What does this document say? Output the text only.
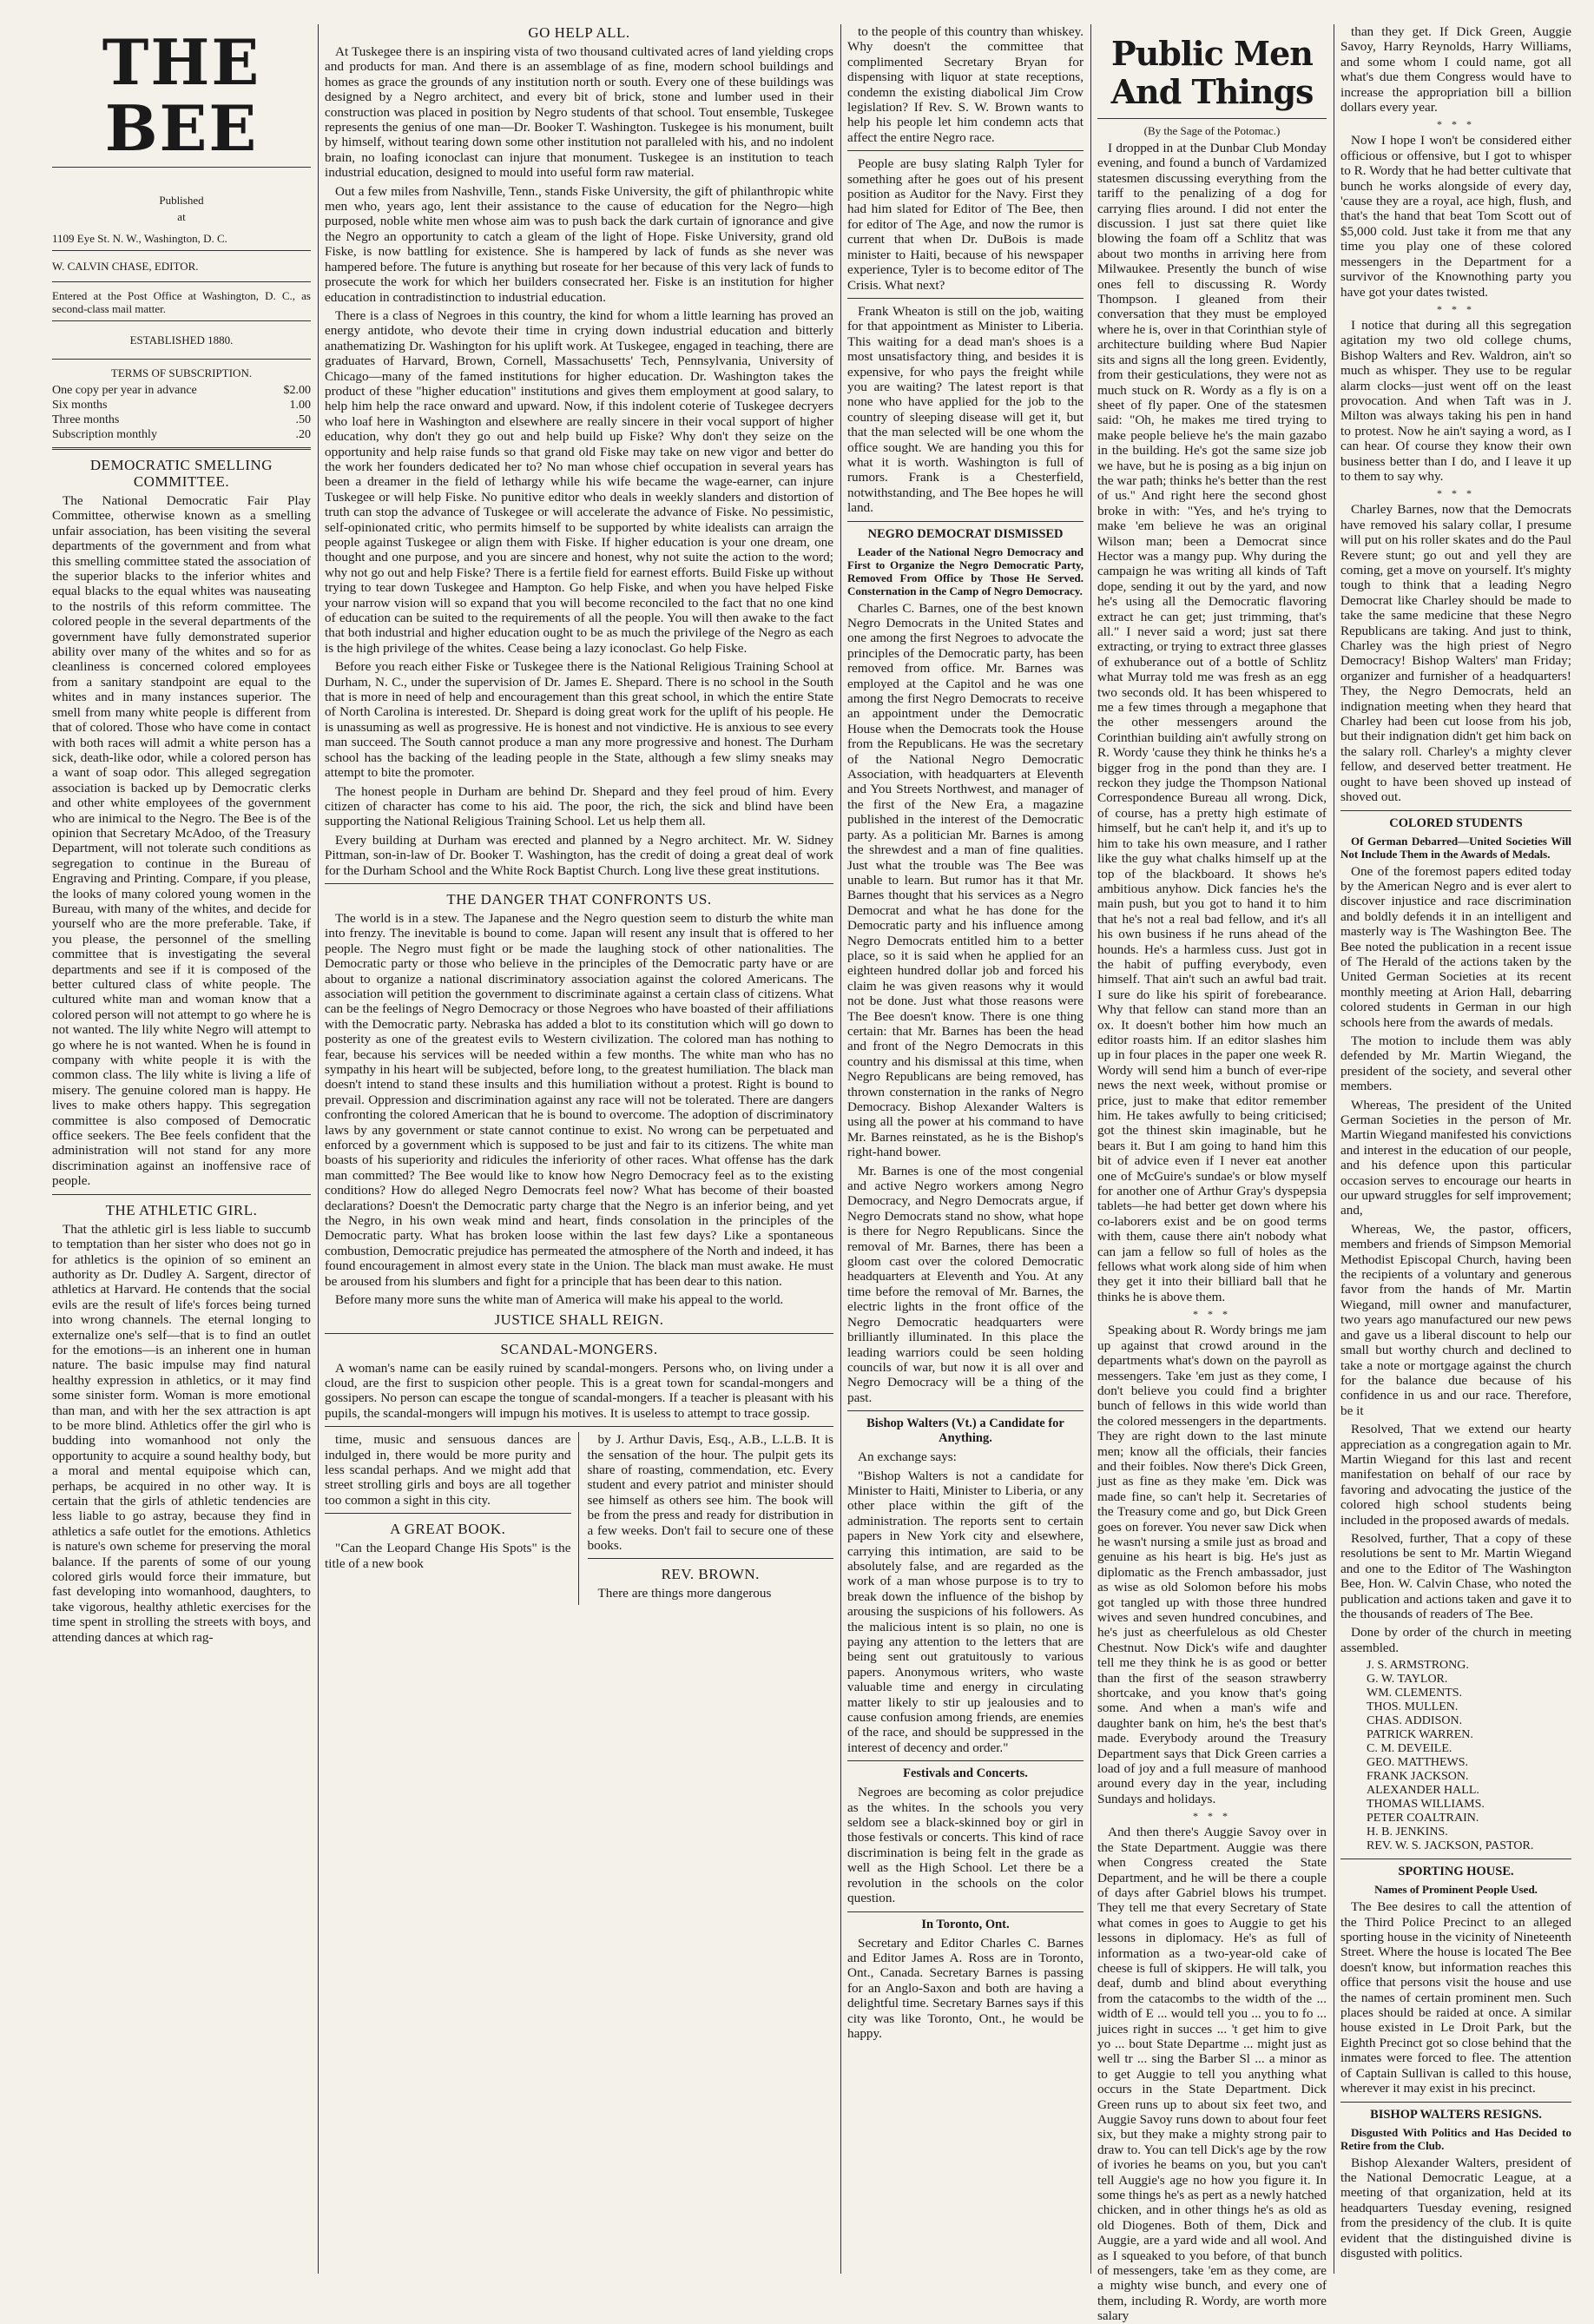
THE BEE

Published

at

1109 Eye St. N. W., Washington, D. C.

W. CALVIN CHASE, EDITOR.

Entered at the Post Office at Washington, D. C., as second-class mail matter.

ESTABLISHED 1880.

TERMS OF SUBSCRIPTION.

One copy per year in advance	$2.00
Six months	1.00
Three months	.50
Subscription monthly	.20
DEMOCRATIC SMELLING COMMITTEE.

The National Democratic Fair Play Committee, otherwise known as a smelling unfair association, has been visiting the several departments of the government and from what this smelling committee stated the association of the superior blacks to the inferior whites and equal blacks to the equal whites was nauseating to the nostrils of this reform committee. The colored people in the several departments of the government have fully demonstrated superior ability over many of the whites and so for as cleanliness is concerned colored employees from a sanitary standpoint are equal to the whites and in many instances superior. The smell from many white people is different from that of colored. Those who have come in contact with both races will admit a white person has a sick, death-like odor, while a colored person has a want of soap odor. This alleged segregation association is backed up by Democratic clerks and other white employees of the government who are inimical to the Negro. The Bee is of the opinion that Secretary McAdoo, of the Treasury Department, will not tolerate such conditions as segregation to continue in the Bureau of Engraving and Printing. Compare, if you please, the looks of many colored young women in the Bureau, with many of the whites, and decide for yourself who are the more preferable. Take, if you please, the personnel of the smelling committee that is investigating the several departments and see if it is composed of the better cultured class of white people. The cultured white man and woman know that a colored person will not attempt to go where he is not wanted. The lily white Negro will attempt to go where he is not wanted. When he is found in company with white people it is with the common class. The lily white is living a life of misery. The genuine colored man is happy. He lives to make others happy. This segregation committee is also composed of Democratic office seekers. The Bee feels confident that the administration will not stand for any more discrimination against an inoffensive race of people.

THE ATHLETIC GIRL.

That the athletic girl is less liable to succumb to temptation than her sister who does not go in for athletics is the opinion of so eminent an authority as Dr. Dudley A. Sargent, director of athletics at Harvard. He contends that the social evils are the result of life's forces being turned into wrong channels. The eternal longing to externalize one's self—that is to find an outlet for the emotions—is an inherent one in human nature. The basic impulse may find natural healthy expression in athletics, or it may find some sinister form. Woman is more emotional than man, and with her the sex attraction is apt to be more blind. Athletics offer the girl who is budding into womanhood not only the opportunity to acquire a sound healthy body, but a moral and mental equipoise which can, perhaps, be acquired in no other way. It is certain that the girls of athletic tendencies are less liable to go astray, because they find in athletics a safe outlet for the emotions. Athletics is nature's own scheme for preserving the moral balance. If the parents of some of our young colored girls would force their immature, but fast developing into womanhood, daughters, to take vigorous, healthy athletic exercises for the time spent in strolling the streets with boys, and attending dances at which rag-

GO HELP ALL.

At Tuskegee there is an inspiring vista of two thousand cultivated acres of land yielding crops and products for man. And there is an assemblage of as fine, modern school buildings and homes as grace the grounds of any institution north or south. Every one of these buildings was designed by a Negro architect, and every bit of brick, stone and lumber used in their construction was placed in position by Negro students of that school. Tout ensemble, Tuskegee represents the genius of one man—Dr. Booker T. Washington. Tuskegee is his monument, built by himself, without tearing down some other institution not paralleled with his, and no indolent brain, no loafing iconoclast can injure that monument. Tuskegee is an institution to teach industrial education, designed to mould into useful form raw material.

Out a few miles from Nashville, Tenn., stands Fiske University, the gift of philanthropic white men who, years ago, lent their assistance to the cause of education for the Negro—high purposed, noble white men whose aim was to push back the dark curtain of ignorance and give the Negro an opportunity to catch a gleam of the light of Hope. Fiske University, grand old Fiske, is now battling for existence. She is hampered by lack of funds as she never was hampered before. The future is anything but roseate for her because of this very lack of funds to prosecute the work for which her builders consecrated her. Fiske is an institution for higher education in contradistinction to industrial education.

There is a class of Negroes in this country, the kind for whom a little learning has proved an energy antidote, who devote their time in crying down industrial education and bitterly anathematizing Dr. Washington for his uplift work. At Tuskegee, engaged in teaching, there are graduates of Harvard, Brown, Cornell, Massachusetts' Tech, Pennsylvania, University of Chicago—many of the famed institutions for higher education. Dr. Washington takes the product of these "higher education" institutions and gives them employment at good salary, to help him help the race onward and upward. Now, if this indolent coterie of Tuskegee decryers who loaf here in Washington and elsewhere are really sincere in their vocal support of higher education, why don't they go out and help build up Fiske? Why don't they seize on the opportunity and help raise funds so that grand old Fiske may take on new vigor and better do the work her founders dedicated her to? No man whose chief occupation in several years has been a dreamer in the field of lethargy while his wife became the wage-earner, can injure Tuskegee or will help Fiske. No punitive editor who deals in weekly slanders and distortion of truth can stop the advance of Tuskegee or will accelerate the advance of Fiske. No pessimistic, self-opinionated critic, who permits himself to be supported by white idealists can arraign the people against Tuskegee or align them with Fiske. If higher education is your one dream, one thought and one purpose, and you are sincere and honest, why not suite the action to the word; why not go out and help Fiske? There is a fertile field for earnest efforts. Build Fiske up without trying to tear down Tuskegee and Hampton. Go help Fiske, and when you have helped Fiske your narrow vision will so expand that you will become reconciled to the fact that no one kind of education can be suited to the requirements of all the people. You will then awake to the fact that both industrial and higher education ought to be as much the privilege of the Negro as each is the high privilege of the whites. Cease being a lazy iconoclast. Go help Fiske.

Before you reach either Fiske or Tuskegee there is the National Religious Training School at Durham, N. C., under the supervision of Dr. James E. Shepard. There is no school in the South that is more in need of help and encouragement than this great school, in which the entire State of North Carolina is interested. Dr. Shepard is doing great work for the uplift of his people. He is unassuming as well as progressive. He is honest and not vindictive. He is anxious to see every man succeed. The South cannot produce a man any more progressive and honest. The Durham school has the backing of the leading people in the State, although a few slimy sneaks may attempt to bite the promoter.

The honest people in Durham are behind Dr. Shepard and they feel proud of him. Every citizen of character has come to his aid. The poor, the rich, the sick and blind have been supporting the National Religious Training School. Let us help them all.

Every building at Durham was erected and planned by a Negro architect. Mr. W. Sidney Pittman, son-in-law of Dr. Booker T. Washington, has the credit of doing a great deal of work for the Durham School and the White Rock Baptist Church. Long live these great institutions.

THE DANGER THAT CONFRONTS US.

The world is in a stew. The Japanese and the Negro question seem to disturb the white man into frenzy. The inevitable is bound to come. Japan will resent any insult that is offered to her people. The Negro must fight or be made the laughing stock of other nationalities. The Democratic party or those who believe in the principles of the Democratic party have or are about to organize a national discriminatory association against the colored Americans. The association will petition the government to discriminate against a certain class of citizens. What can be the feelings of Negro Democracy or those Negroes who have boasted of their affiliations with the Democratic party. Nebraska has added a blot to its constitution which will go down to posterity as one of the greatest evils to Western civilization. The colored man has nothing to fear, because his services will be needed within a few months. The white man who has no sympathy in his heart will be subjected, before long, to the greatest humiliation. The black man doesn't intend to stand these insults and this humiliation without a protest. Right is bound to prevail. Oppression and discrimination against any race will not be tolerated. There are dangers confronting the colored American that he is bound to overcome. The adoption of discriminatory laws by any government or state cannot continue to exist. No wrong can be perpetuated and enforced by a government which is supposed to be just and fair to its citizens. The white man boasts of his superiority and ridicules the inferiority of other races. What offense has the dark man committed? The Bee would like to know how Negro Democracy feel as to the existing conditions? How do alleged Negro Democrats feel now? What has become of their boasted declarations? Doesn't the Democratic party charge that the Negro is an inferior being, and yet the Negro, in his own weak mind and heart, finds consolation in the principles of the Democratic party. What has broken loose within the last few days? Like a spontaneous combustion, Democratic prejudice has permeated the atmosphere of the North and indeed, it has found encouragement in almost every state in the Union. The black man must awake. He must be aroused from his slumbers and fight for a principle that has been dear to this nation.

Before many more suns the white man of America will make his appeal to the world.

JUSTICE SHALL REIGN.
SCANDAL-MONGERS.

A woman's name can be easily ruined by scandal-mongers. Persons who, on living under a cloud, are the first to suspicion other people. This is a great town for scandal-mongers and gossipers. No person can escape the tongue of scandal-mongers. If a teacher is pleasant with his pupils, the scandal-mongers will impugn his motives. It is useless to attempt to trace gossip.

time, music and sensuous dances are indulged in, there would be more purity and less scandal perhaps. And we might add that street strolling girls and boys are all together too common a sight in this city.

A GREAT BOOK.

"Can the Leopard Change His Spots" is the title of a new book

by J. Arthur Davis, Esq., A.B., L.L.B. It is the sensation of the hour. The pulpit gets its share of roasting, commendation, etc. Every student and every patriot and minister should see himself as others see him. The book will be from the press and ready for distribution in a few weeks. Don't fail to secure one of these books.

REV. BROWN.

There are things more dangerous

to the people of this country than whiskey. Why doesn't the committee that complimented Secretary Bryan for dispensing with liquor at state receptions, condemn the existing diabolical Jim Crow legislation? If Rev. S. W. Brown wants to help his people let him condemn acts that affect the entire Negro race.

People are busy slating Ralph Tyler for something after he goes out of his present position as Auditor for the Navy. First they had him slated for Editor of The Bee, then for editor of The Age, and now the rumor is current that when Dr. DuBois is made minister to Haiti, because of his newspaper experience, Tyler is to become editor of The Crisis. What next?

Frank Wheaton is still on the job, waiting for that appointment as Minister to Liberia. This waiting for a dead man's shoes is a most unsatisfactory thing, and besides it is expensive, for who pays the freight while you are waiting? The latest report is that none who have applied for the job to the country of sleeping disease will get it, but that the man selected will be one whom the office sought. We are handing you this for what it is worth. Washington is full of rumors. Frank is a Chesterfield, notwithstanding, and The Bee hopes he will land.

NEGRO DEMOCRAT DISMISSED

Leader of the National Negro Democracy and First to Organize the Negro Democratic Party, Removed From Office by Those He Served. Consternation in the Camp of Negro Democracy.

Charles C. Barnes, one of the best known Negro Democrats in the United States and one among the first Negroes to advocate the principles of the Democratic party, has been removed from office. Mr. Barnes was employed at the Capitol and he was one among the first Negro Democrats to receive an appointment under the Democratic House when the Democrats took the House from the Republicans. He was the secretary of the National Negro Democratic Association, with headquarters at Eleventh and You Streets Northwest, and manager of the first of the New Era, a magazine published in the interest of the Democratic party. As a politician Mr. Barnes is among the shrewdest and a man of fine qualities. Just what the trouble was The Bee was unable to learn. But rumor has it that Mr. Barnes thought that his services as a Negro Democrat and what he has done for the Democratic party and his influence among Negro Democrats entitled him to a better place, so it is said when he applied for an eighteen hundred dollar job and forced his claim he was given reasons why it would not be done. Just what those reasons were The Bee doesn't know. There is one thing certain: that Mr. Barnes has been the head and front of the Negro Democrats in this country and his dismissal at this time, when Negro Republicans are being removed, has thrown consternation in the ranks of Negro Democracy. Bishop Alexander Walters is using all the power at his command to have Mr. Barnes reinstated, as he is the Bishop's right-hand bower.

Mr. Barnes is one of the most congenial and active Negro workers among Negro Democracy, and Negro Democrats argue, if Negro Democrats stand no show, what hope is there for Negro Republicans. Since the removal of Mr. Barnes, there has been a gloom cast over the colored Democratic headquarters at Eleventh and You. At any time before the removal of Mr. Barnes, the electric lights in the front office of the Negro Democratic headquarters were brilliantly illuminated. In this place the leading warriors could be seen holding councils of war, but now it is all over and Negro Democracy will be a thing of the past.

Bishop Walters (Vt.) a Candidate for Anything.

An exchange says:

"Bishop Walters is not a candidate for Minister to Haiti, Minister to Liberia, or any other place within the gift of the administration. The reports sent to certain papers in New York city and elsewhere, carrying this intimation, are said to be absolutely false, and are regarded as the work of a man whose purpose is to try to break down the influence of the bishop by arousing the suspicions of his followers. As the malicious intent is so plain, no one is paying any attention to the letters that are being sent out gratuitously to various papers. Anonymous writers, who waste valuable time and energy in circulating matter likely to stir up jealousies and to cause confusion among friends, are enemies of the race, and should be suppressed in the interest of decency and order."

Festivals and Concerts.

Negroes are becoming as color prejudice as the whites. In the schools you very seldom see a black-skinned boy or girl in those festivals or concerts. This kind of race discrimination is being felt in the grade as well as the High School. Let there be a revolution in the schools on the color question.

In Toronto, Ont.

Secretary and Editor Charles C. Barnes and Editor James A. Ross are in Toronto, Ont., Canada. Secretary Barnes is passing for an Anglo-Saxon and both are having a delightful time. Secretary Barnes says if this city was like Toronto, Ont., he would be happy.

Public Men And Things

(By the Sage of the Potomac.)

I dropped in at the Dunbar Club Monday evening, and found a bunch of Vardamized statesmen discussing everything from the tariff to the penalizing of a dog for carrying flies around. I did not enter the discussion. I just sat there quiet like blowing the foam off a Schlitz that was about two months in arriving here from Milwaukee. Presently the bunch of wise ones fell to discussing R. Wordy Thompson. I gleaned from their conversation that they must be employed where he is, over in that Corinthian style of architecture building where Bud Napier sits and signs all the long green. Evidently, from their gesticulations, they were not as much stuck on R. Wordy as a fly is on a sheet of fly paper. One of the statesmen said: "Oh, he makes me tired trying to make people believe he's the main gazabo in the building. He's got the same size job we have, but he is posing as a big injun on the war path; thinks he's better than the rest of us." And right here the second ghost broke in with: "Yes, and he's trying to make 'em believe he was an original Wilson man; been a Democrat since Hector was a mangy pup. Why during the campaign he was writing all kinds of Taft dope, sending it out by the yard, and now he's using all the Democratic flavoring extract he can get; just trimming, that's all." I never said a word; just sat there extracting, or trying to extract three glasses of exhuberance out of a bottle of Schlitz what Murray told me was fresh as an egg two seconds old. It has been whispered to me a few times through a megaphone that the other messengers around the Corinthian building ain't awfully strong on R. Wordy 'cause they think he thinks he's a bigger frog in the pond than they are. I reckon they judge the Thompson National Correspondence Bureau all wrong. Dick, of course, has a pretty high estimate of himself, but he can't help it, and it's up to him to take his own measure, and I rather like the guy what chalks himself up at the top of the blackboard. It shows he's ambitious anyhow. Dick fancies he's the main push, but you got to hand it to him that he's not a real bad fellow, and it's all his own business if he runs ahead of the hounds. He's a harmless cuss. Just got in the habit of puffing everybody, even himself. That ain't such an awful bad trait. I sure do like his spirit of forebearance. Why that fellow can stand more than an ox. It doesn't bother him how much an editor roasts him. If an editor slashes him up in four places in the paper one week R. Wordy will send him a bunch of ever-ripe news the next week, without promise or price, just to make that editor remember him. He takes awfully to being criticised; got the thinest skin imaginable, but he bears it. But I am going to hand him this bit of advice even if I never eat another one of McGuire's sundae's or blow myself for another one of Arthur Gray's dyspepsia tablets—he had better get down where his co-laborers exist and be on good terms with them, cause there ain't nobody what can jam a fellow so full of holes as the fellows what work along side of him when they get it into their billiard ball that he thinks he is above them.

* * *

Speaking about R. Wordy brings me jam up against that crowd around in the departments what's down on the payroll as messengers. Take 'em just as they come, I don't believe you could find a brighter bunch of fellows in this wide world than the colored messengers in the departments. They are right down to the last minute men; know all the officials, their fancies and their foibles. Now there's Dick Green, just as fine as they make 'em. Dick was made fine, so can't help it. Secretaries of the Treasury come and go, but Dick Green goes on forever. You never saw Dick when he wasn't nursing a smile just as broad and genuine as his heart is big. He's just as diplomatic as the French ambassador, just as wise as old Solomon before his mobs got tangled up with those three hundred wives and seven hundred concubines, and he's just as cheerfulelous as old Chester Chestnut. Now Dick's wife and daughter tell me they think he is as good or better than the first of the season strawberry shortcake, and you know that's going some. And when a man's wife and daughter bank on him, he's the best that's made. Everybody around the Treasury Department says that Dick Green carries a load of joy and a full measure of manhood around every day in the year, including Sundays and holidays.

* * *

And then there's Auggie Savoy over in the State Department. Auggie was there when Congress created the State Department, and he will be there a couple of days after Gabriel blows his trumpet. They tell me that every Secretary of State what comes in goes to Auggie to get his lessons in diplomacy. He's as full of information as a two-year-old cake of cheese is full of skippers. He will talk, you deaf, dumb and blind about everything from the catacombs to the width of the ... width of E ... would tell you ... you to fo ... juices right in succes ... 't get him to give yo ... bout State Departme ... might just as well tr ... sing the Barber Sl ... a minor as to get Auggie to tell you anything what occurs in the State Department. Dick Green runs up to about six feet two, and Auggie Savoy runs down to about four feet six, but they make a mighty strong pair to draw to. You can tell Dick's age by the row of ivories he beams on you, but you can't tell Auggie's age no how you figure it. In some things he's as pert as a newly hatched chicken, and in other things he's as old as old Diogenes. Both of them, Dick and Auggie, are a yard wide and all wool. And as I squeaked to you before, of that bunch of messengers, take 'em as they come, are a mighty wise bunch, and every one of them, including R. Wordy, are worth more salary

than they get. If Dick Green, Auggie Savoy, Harry Reynolds, Harry Williams, and some whom I could name, got all what's due them Congress would have to increase the appropriation bill a billion dollars every year.

* * *

Now I hope I won't be considered either officious or offensive, but I got to whisper to R. Wordy that he had better cultivate that bunch he works alongside of every day, 'cause they are a royal, ace high, flush, and that's the hand that beat Tom Scott out of $5,000 cold. Just take it from me that any time you play one of these colored messengers in the Department for a survivor of the Knownothing party you have got your dates twisted.

* * *

I notice that during all this segregation agitation my two old college chums, Bishop Walters and Rev. Waldron, ain't so much as whisper. They use to be regular alarm clocks—just went off on the least provocation. And when Taft was in J. Milton was always taking his pen in hand to protest. Now he ain't saying a word, as I can hear. Of course they know their own business better than I do, and I leave it up to them to say why.

* * *

Charley Barnes, now that the Democrats have removed his salary collar, I presume will put on his roller skates and do the Paul Revere stunt; go out and yell they are coming, get a move on yourself. It's mighty tough to think that a leading Negro Democrat like Charley should be made to take the same medicine that these Negro Republicans are taking. And just to think, Charley was the high priest of Negro Democracy! Bishop Walters' man Friday; organizer and furnisher of a headquarters! They, the Negro Democrats, held an indignation meeting when they heard that Charley had been cut loose from his job, but their indignation didn't get him back on the salary roll. Charley's a mighty clever fellow, and deserved better treatment. He ought to have been shoved up instead of shoved out.

COLORED STUDENTS

Of German Debarred—United Societies Will Not Include Them in the Awards of Medals.

One of the foremost papers edited today by the American Negro and is ever alert to discover injustice and race discrimination and boldly defends it in an intelligent and masterly way is The Washington Bee. The Bee noted the publication in a recent issue of The Herald of the actions taken by the United German Societies at its recent monthly meeting at Arion Hall, debarring colored students in German in our high schools here from the awards of medals.

The motion to include them was ably defended by Mr. Martin Wiegand, the president of the society, and several other members.

Whereas, The president of the United German Societies in the person of Mr. Martin Wiegand manifested his convictions and interest in the education of our people, and his defence upon this particular occasion serves to encourage our hearts in our upward struggles for self improvement; and,

Whereas, We, the pastor, officers, members and friends of Simpson Memorial Methodist Episcopal Church, having been the recipients of a voluntary and generous favor from the hands of Mr. Martin Wiegand, mill owner and manufacturer, two years ago manufactured our new pews and gave us a liberal discount to help our small but worthy church and declined to take a note or mortgage against the church for the balance due because of his confidence in us and our race. Therefore, be it

Resolved, That we extend our hearty appreciation as a congregation again to Mr. Martin Wiegand for this last and recent manifestation on behalf of our race by favoring and advocating the justice of the colored high school students being included in the proposed awards of medals.

Resolved, further, That a copy of these resolutions be sent to Mr. Martin Wiegand and one to the Editor of The Washington Bee, Hon. W. Calvin Chase, who noted the publication and actions taken and gave it to the thousands of readers of The Bee.

Done by order of the church in meeting assembled.

J. S. ARMSTRONG.
G. W. TAYLOR.
WM. CLEMENTS.
THOS. MULLEN.
CHAS. ADDISON.
PATRICK WARREN.
C. M. DEVEILE.
GEO. MATTHEWS.
FRANK JACKSON.
ALEXANDER HALL.
THOMAS WILLIAMS.
PETER COALTRAIN.
H. B. JENKINS.
REV. W. S. JACKSON, PASTOR.
SPORTING HOUSE.

Names of Prominent People Used.

The Bee desires to call the attention of the Third Police Precinct to an alleged sporting house in the vicinity of Nineteenth Street. Where the house is located The Bee doesn't know, but information reaches this office that persons visit the house and use the names of certain prominent men. Such places should be raided at once. A similar house existed in Le Droit Park, but the Eighth Precinct got so close behind that the inmates were forced to flee. The attention of Captain Sullivan is called to this house, wherever it may exist in his precinct.

BISHOP WALTERS RESIGNS.

Disgusted With Politics and Has Decided to Retire from the Club.

Bishop Alexander Walters, president of the National Democratic League, at a meeting of that organization, held at its headquarters Tuesday evening, resigned from the presidency of the club. It is quite evident that the distinguished divine is disgusted with politics.
